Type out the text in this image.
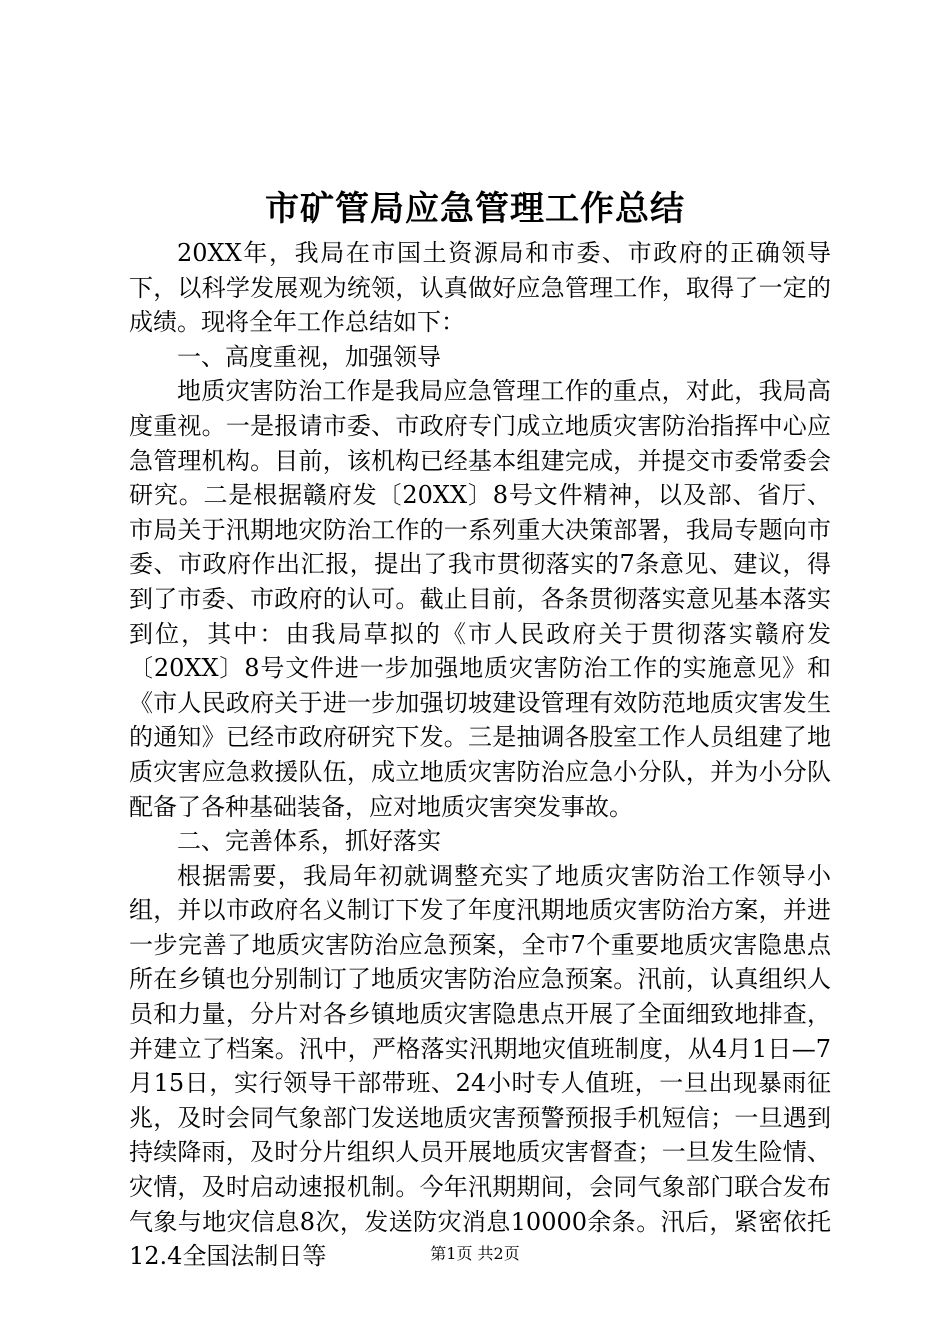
市矿管局应急管理工作总结

20XX年，我局在市国土资源局和市委、市政府的正确领导下，以科学发展观为统领，认真做好应急管理工作，取得了一定的成绩。现将全年工作总结如下：

一、高度重视，加强领导

地质灾害防治工作是我局应急管理工作的重点，对此，我局高度重视。一是报请市委、市政府专门成立地质灾害防治指挥中心应急管理机构。目前，该机构已经基本组建完成，并提交市委常委会研究。二是根据赣府发〔20XX〕8号文件精神，以及部、省厅、市局关于汛期地灾防治工作的一系列重大决策部署，我局专题向市委、市政府作出汇报，提出了我市贯彻落实的7条意见、建议，得到了市委、市政府的认可。截止目前，各条贯彻落实意见基本落实到位，其中：由我局草拟的《市人民政府关于贯彻落实赣府发〔20XX〕8号文件进一步加强地质灾害防治工作的实施意见》和《市人民政府关于进一步加强切坡建设管理有效防范地质灾害发生的通知》已经市政府研究下发。三是抽调各股室工作人员组建了地质灾害应急救援队伍，成立地质灾害防治应急小分队，并为小分队配备了各种基础装备，应对地质灾害突发事故。

二、完善体系，抓好落实

根据需要，我局年初就调整充实了地质灾害防治工作领导小组，并以市政府名义制订下发了年度汛期地质灾害防治方案，并进一步完善了地质灾害防治应急预案，全市7个重要地质灾害隐患点所在乡镇也分别制订了地质灾害防治应急预案。汛前，认真组织人员和力量，分片对各乡镇地质灾害隐患点开展了全面细致地排查，并建立了档案。汛中，严格落实汛期地灾值班制度，从4月1日—7月15日，实行领导干部带班、24小时专人值班，一旦出现暴雨征兆，及时会同气象部门发送地质灾害预警预报手机短信；一旦遇到持续降雨，及时分片组织人员开展地质灾害督查；一旦发生险情、灾情，及时启动速报机制。今年汛期期间，会同气象部门联合发布气象与地灾信息8次，发送防灾消息10000余条。汛后，紧密依托12.4全国法制日等	第1页 共2页
